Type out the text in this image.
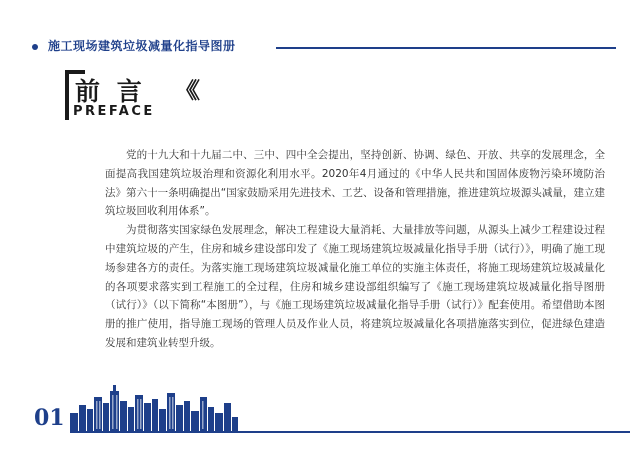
施工现场建筑垃圾减量化指导图册
前 言 《《
PREFACE

党的十九大和十九届二中、三中、四中全会提出，坚持创新、协调、绿色、开放、共享的发展理念，全面提高我国建筑垃圾治理和资源化利用水平。2020年4月通过的《中华人民共和国固体废物污染环境防治法》第六十一条明确提出“国家鼓励采用先进技术、工艺、设备和管理措施，推进建筑垃圾源头减量，建立建筑垃圾回收利用体系”。

为贯彻落实国家绿色发展理念，解决工程建设大量消耗、大量排放等问题，从源头上减少工程建设过程中建筑垃圾的产生，住房和城乡建设部印发了《施工现场建筑垃圾减量化指导手册（试行）》，明确了施工现场参建各方的责任。为落实施工现场建筑垃圾减量化施工单位的实施主体责任，将施工现场建筑垃圾减量化的各项要求落实到工程施工的全过程，住房和城乡建设部组织编写了《施工现场建筑垃圾减量化指导图册（试行）》（以下简称“本图册”），与《施工现场建筑垃圾减量化指导手册（试行）》配套使用。希望借助本图册的推广使用，指导施工现场的管理人员及作业人员，将建筑垃圾减量化各项措施落实到位，促进绿色建造发展和建筑业转型升级。

01
